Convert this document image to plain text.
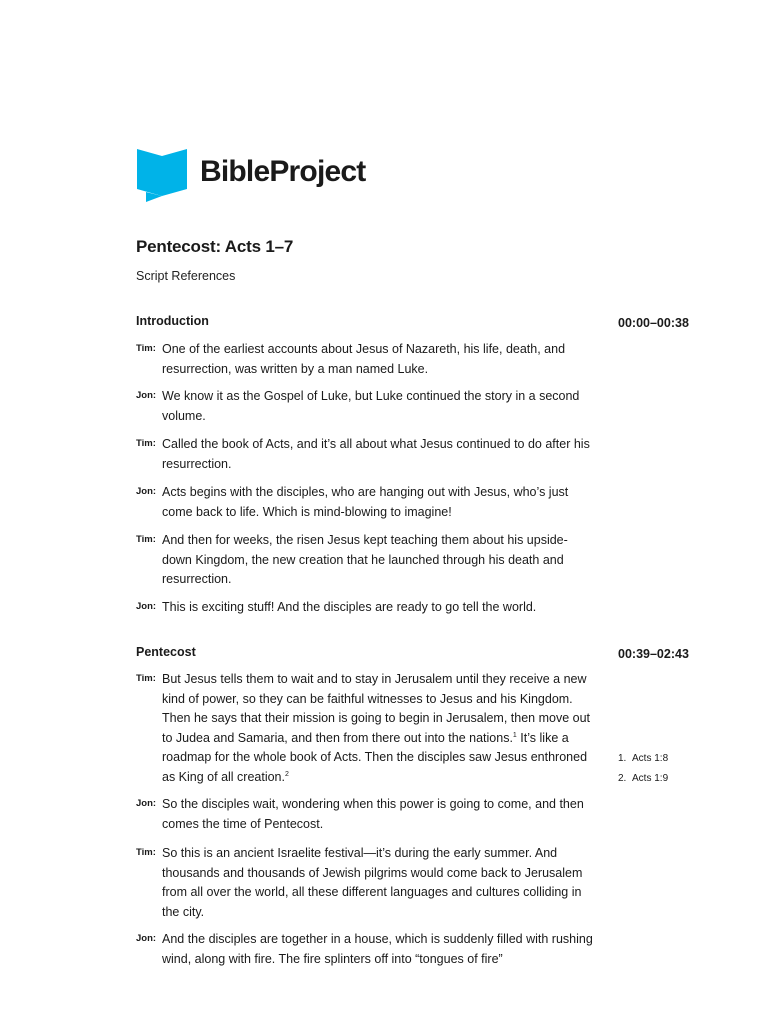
BibleProject
Pentecost: Acts 1–7
Script References
Introduction	00:00–00:38
Tim: One of the earliest accounts about Jesus of Nazareth, his life, death, and resurrection, was written by a man named Luke.
Jon: We know it as the Gospel of Luke, but Luke continued the story in a second volume.
Tim: Called the book of Acts, and it’s all about what Jesus continued to do after his resurrection.
Jon: Acts begins with the disciples, who are hanging out with Jesus, who’s just come back to life. Which is mind-blowing to imagine!
Tim: And then for weeks, the risen Jesus kept teaching them about his upside-down Kingdom, the new creation that he launched through his death and resurrection.
Jon: This is exciting stuff! And the disciples are ready to go tell the world.
Pentecost	00:39–02:43
Tim: But Jesus tells them to wait and to stay in Jerusalem until they receive a new kind of power, so they can be faithful witnesses to Jesus and his Kingdom. Then he says that their mission is going to begin in Jerusalem, then move out to Judea and Samaria, and then from there out into the nations.$^1$ It’s like a roadmap for the whole book of Acts. Then the disciples saw Jesus enthroned as King of all creation.$^2$
Jon: So the disciples wait, wondering when this power is going to come, and then comes the time of Pentecost.
Tim: So this is an ancient Israelite festival—it’s during the early summer. And thousands and thousands of Jewish pilgrims would come back to Jerusalem from all over the world, all these different languages and cultures colliding in the city.
Jon: And the disciples are together in a house, which is suddenly filled with rushing wind, along with fire. The fire splinters off into “tongues of fire”
1. Acts 1:8
2. Acts 1:9
